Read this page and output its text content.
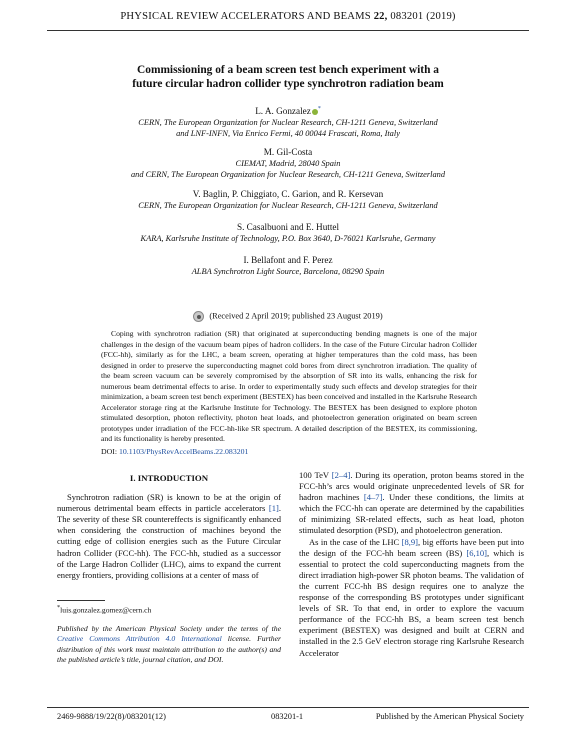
PHYSICAL REVIEW ACCELERATORS AND BEAMS 22, 083201 (2019)
Commissioning of a beam screen test bench experiment with a
future circular hadron collider type synchrotron radiation beam
L. A. Gonzalez *
CERN, The European Organization for Nuclear Research, CH-1211 Geneva, Switzerland
and LNF-INFN, Via Enrico Fermi, 40 00044 Frascati, Roma, Italy
M. Gil-Costa
CIEMAT, Madrid, 28040 Spain
and CERN, The European Organization for Nuclear Research, CH-1211 Geneva, Switzerland
V. Baglin, P. Chiggiato, C. Garion, and R. Kersevan
CERN, The European Organization for Nuclear Research, CH-1211 Geneva, Switzerland
S. Casalbuoni and E. Huttel
KARA, Karlsruhe Institute of Technology, P.O. Box 3640, D-76021 Karlsruhe, Germany
I. Bellafont and F. Perez
ALBA Synchrotron Light Source, Barcelona, 08290 Spain
(Received 2 April 2019; published 23 August 2019)
Coping with synchrotron radiation (SR) that originated at superconducting bending magnets is one of the major challenges in the design of the vacuum beam pipes of hadron colliders. In the case of the Future Circular hadron Collider (FCC-hh), similarly as for the LHC, a beam screen, operating at higher temperatures than the cold mass, has been designed in order to preserve the superconducting magnet cold bores from direct synchrotron irradiation. The quality of the beam screen vacuum can be severely compromised by the absorption of SR into its walls, enhancing the risk for numerous beam detrimental effects to arise. In order to experimentally study such effects and develop strategies for their minimization, a beam screen test bench experiment (BESTEX) has been conceived and installed in the Karlsruhe Research Accelerator storage ring at the Karlsruhe Institute for Technology. The BESTEX has been designed to explore photon stimulated desorption, photon reflectivity, photon heat loads, and photoelectron generation originated on beam screen prototypes under irradiation of the FCC-hh-like SR spectrum. A detailed description of the BESTEX, its commissioning, and its functionality is hereby presented.
DOI: 10.1103/PhysRevAccelBeams.22.083201
I. INTRODUCTION

Synchrotron radiation (SR) is known to be at the origin of numerous detrimental beam effects in particle accelerators [1]. The severity of these SR countereffects is significantly enhanced when considering the construction of machines beyond the cutting edge of collision energies such as the Future Circular hadron Collider (FCC-hh). The FCC-hh, studied as a successor of the Large Hadron Collider (LHC), aims to expand the current energy frontiers, providing collisions at a center of mass of

*luis.gonzalez.gomez@cern.ch
Published by the American Physical Society under the terms of the Creative Commons Attribution 4.0 International license. Further distribution of this work must maintain attribution to the author(s) and the published article’s title, journal citation, and DOI.

100 TeV [2–4]. During its operation, proton beams stored in the FCC-hh’s arcs would originate unprecedented levels of SR for hadron machines [4–7]. Under these conditions, the limits at which the FCC-hh can operate are determined by the capabilities of minimizing SR-related effects, such as heat load, photon stimulated desorption (PSD), and photoelectron generation.

As in the case of the LHC [8,9], big efforts have been put into the design of the FCC-hh beam screen (BS) [6,10], which is essential to protect the cold superconducting magnets from the direct irradiation high-power SR photon beams. The validation of the current FCC-hh BS design requires one to analyze the response of the corresponding BS prototypes under significant levels of SR. To that end, in order to explore the vacuum performance of the FCC-hh BS, a beam screen test bench experiment (BESTEX) was designed and built at CERN and installed in the 2.5 GeV electron storage ring Karlsruhe Research Accelerator

2469-9888/19/22(8)/083201(12)	083201-1	Published by the American Physical Society
